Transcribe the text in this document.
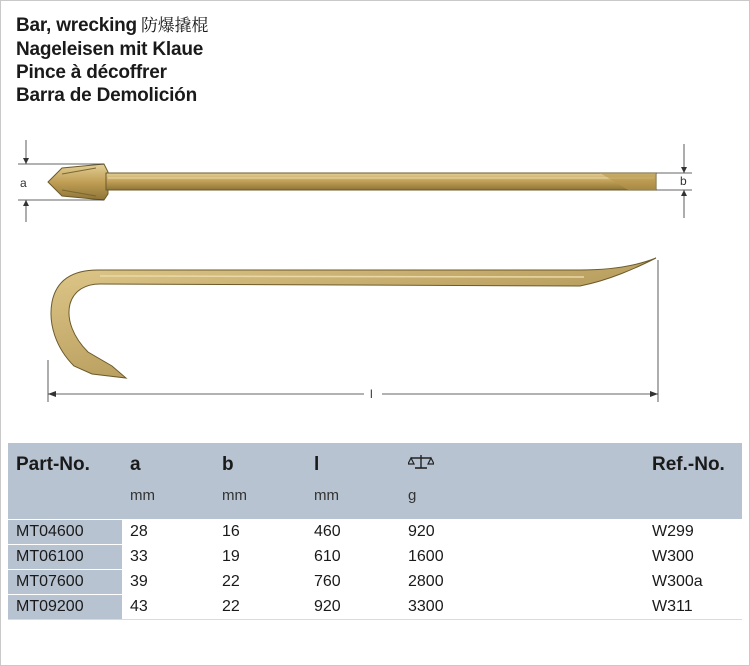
Bar, wrecking 防爆撬棍
Nageleisen mit Klaue
Pince à décoffrer
Barra de Demolición
a	b
l
Part-No.	a	b	l		Ref.-No.
	mm	mm	mm	g	
MT04600	28	16	460	920	W299
MT06100	33	19	610	1600	W300
MT07600	39	22	760	2800	W300a
MT09200	43	22	920	3300	W311
